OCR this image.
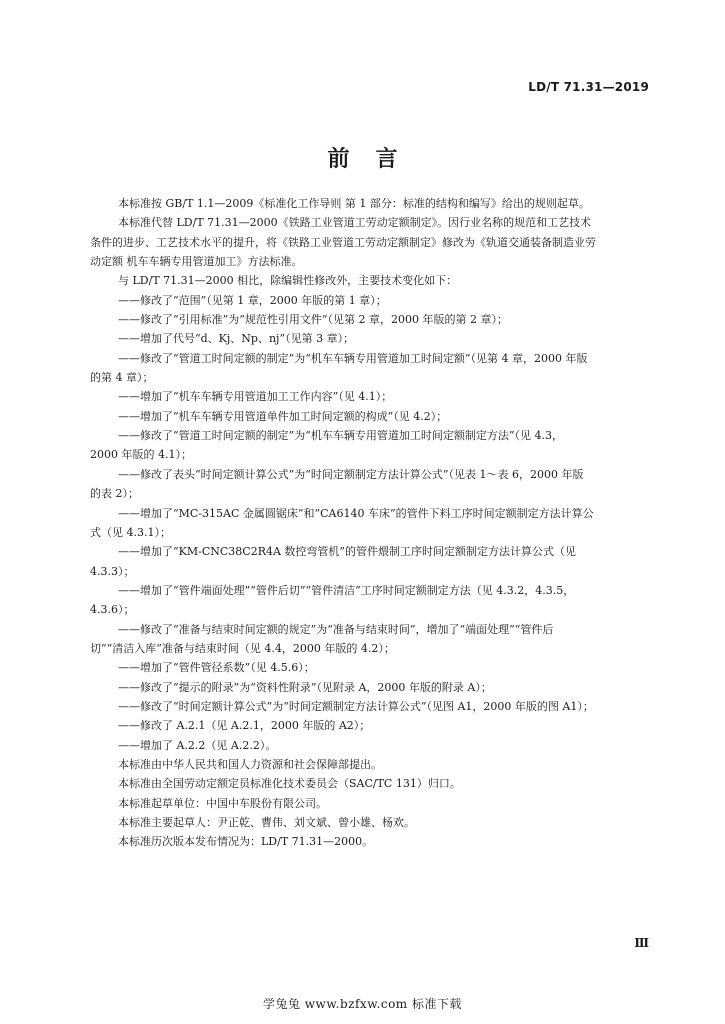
LD/T 71.31—2019
前言

本标准按 GB/T 1.1—2009《标准化工作导则 第 1 部分：标准的结构和编写》给出的规则起草。

本标准代替 LD/T 71.31—2000《铁路工业管道工劳动定额制定》。因行业名称的规范和工艺技术

条件的进步、工艺技术水平的提升，将《铁路工业管道工劳动定额制定》修改为《轨道交通装备制造业劳

动定额 机车车辆专用管道加工》方法标准。

与 LD/T 71.31—2000 相比，除编辑性修改外，主要技术变化如下：

——修改了“范围”（见第 1 章，2000 年版的第 1 章）；

——修改了“引用标准”为“规范性引用文件”（见第 2 章，2000 年版的第 2 章）；

——增加了代号“d、Kj、Np、nj”（见第 3 章）；

——修改了“管道工时间定额的制定”为“机车车辆专用管道加工时间定额”（见第 4 章，2000 年版

的第 4 章）；

——增加了“机车车辆专用管道加工工作内容”（见 4.1）；

——增加了“机车车辆专用管道单件加工时间定额的构成”（见 4.2）；

——修改了“管道工时间定额的制定”为“机车车辆专用管道加工时间定额制定方法”（见 4.3，

2000 年版的 4.1）；

——修改了表头“时间定额计算公式”为“时间定额制定方法计算公式”（见表 1～表 6，2000 年版

的表 2）；

——增加了“MC-315AC 金属圆锯床”和“CA6140 车床”的管件下料工序时间定额制定方法计算公

式（见 4.3.1）；

——增加了“KM-CNC38C2R4A 数控弯管机”的管件煨制工序时间定额制定方法计算公式（见

4.3.3）；

——增加了“管件端面处理”“管件后切”“管件清洁”工序时间定额制定方法（见 4.3.2，4.3.5，

4.3.6）；

——修改了“准备与结束时间定额的规定”为“准备与结束时间”，增加了“端面处理”“管件后

切”“清洁入库”准备与结束时间（见 4.4，2000 年版的 4.2）；

——增加了“管件管径系数”（见 4.5.6）；

——修改了“提示的附录”为“资料性附录”（见附录 A，2000 年版的附录 A）；

——修改了“时间定额计算公式”为“时间定额制定方法计算公式”（见图 A1，2000 年版的图 A1）；

——修改了 A.2.1（见 A.2.1，2000 年版的 A2）；

——增加了 A.2.2（见 A.2.2）。

本标准由中华人民共和国人力资源和社会保障部提出。

本标准由全国劳动定额定员标准化技术委员会（SAC/TC 131）归口。

本标准起草单位：中国中车股份有限公司。

本标准主要起草人：尹正乾、曹伟、刘文斌、曾小雄、杨欢。

本标准历次版本发布情况为：LD/T 71.31—2000。

Ⅲ
学兔兔 www.bzfxw.com 标准下载
